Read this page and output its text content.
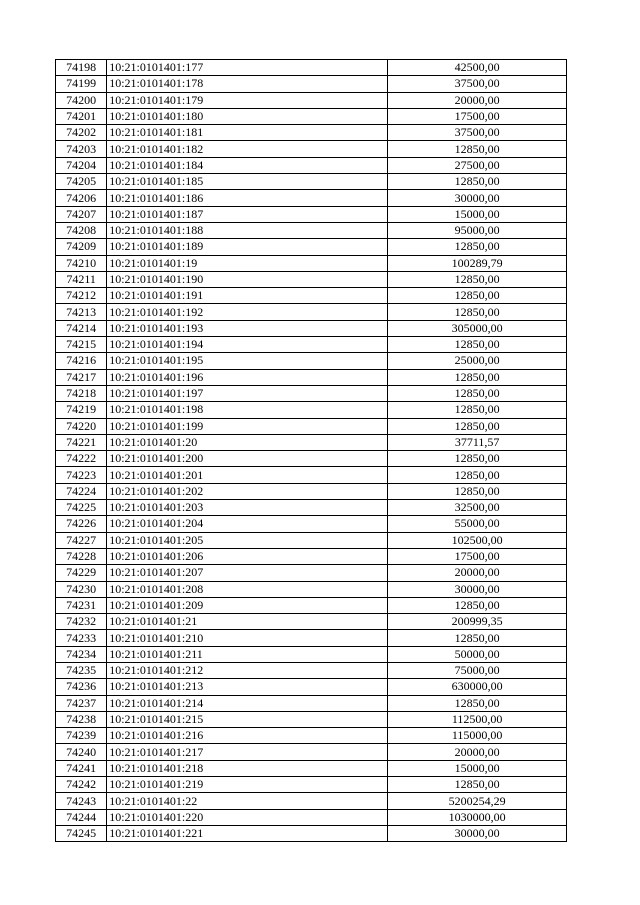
74198	10:21:0101401:177	42500,00
74199	10:21:0101401:178	37500,00
74200	10:21:0101401:179	20000,00
74201	10:21:0101401:180	17500,00
74202	10:21:0101401:181	37500,00
74203	10:21:0101401:182	12850,00
74204	10:21:0101401:184	27500,00
74205	10:21:0101401:185	12850,00
74206	10:21:0101401:186	30000,00
74207	10:21:0101401:187	15000,00
74208	10:21:0101401:188	95000,00
74209	10:21:0101401:189	12850,00
74210	10:21:0101401:19	100289,79
74211	10:21:0101401:190	12850,00
74212	10:21:0101401:191	12850,00
74213	10:21:0101401:192	12850,00
74214	10:21:0101401:193	305000,00
74215	10:21:0101401:194	12850,00
74216	10:21:0101401:195	25000,00
74217	10:21:0101401:196	12850,00
74218	10:21:0101401:197	12850,00
74219	10:21:0101401:198	12850,00
74220	10:21:0101401:199	12850,00
74221	10:21:0101401:20	37711,57
74222	10:21:0101401:200	12850,00
74223	10:21:0101401:201	12850,00
74224	10:21:0101401:202	12850,00
74225	10:21:0101401:203	32500,00
74226	10:21:0101401:204	55000,00
74227	10:21:0101401:205	102500,00
74228	10:21:0101401:206	17500,00
74229	10:21:0101401:207	20000,00
74230	10:21:0101401:208	30000,00
74231	10:21:0101401:209	12850,00
74232	10:21:0101401:21	200999,35
74233	10:21:0101401:210	12850,00
74234	10:21:0101401:211	50000,00
74235	10:21:0101401:212	75000,00
74236	10:21:0101401:213	630000,00
74237	10:21:0101401:214	12850,00
74238	10:21:0101401:215	112500,00
74239	10:21:0101401:216	115000,00
74240	10:21:0101401:217	20000,00
74241	10:21:0101401:218	15000,00
74242	10:21:0101401:219	12850,00
74243	10:21:0101401:22	5200254,29
74244	10:21:0101401:220	1030000,00
74245	10:21:0101401:221	30000,00
